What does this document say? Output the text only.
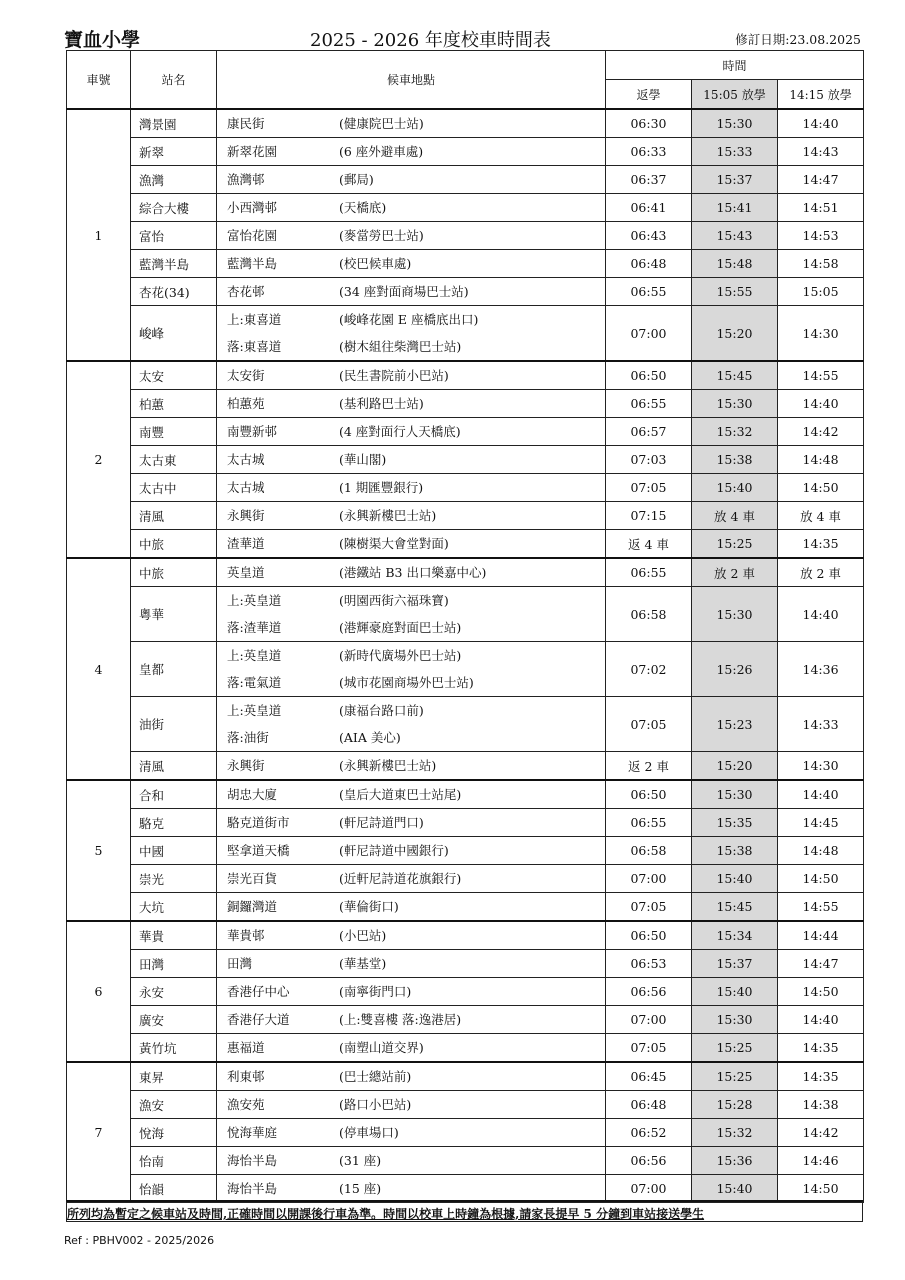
寶血小學	2025 - 2026 年度校車時間表	修訂日期:23.08.2025
車號	站名	候車地點	時間		
			返學	15:05 放學	14:15 放學
1	灣景園	康民街 (健康院巴士站)	06:30	15:30	14:40
	新翠	新翠花園 (6 座外避車處)	06:33	15:33	14:43
	漁灣	漁灣邨 (郵局)	06:37	15:37	14:47
	綜合大樓	小西灣邨 (天橋底)	06:41	15:41	14:51
	富怡	富怡花園 (麥當勞巴士站)	06:43	15:43	14:53
	藍灣半島	藍灣半島 (校巴候車處)	06:48	15:48	14:58
	杏花(34)	杏花邨 (34 座對面商場巴士站)	06:55	15:55	15:05
	峻峰	上:東喜道 (峻峰花園 E 座橋底出口)
落:東喜道 (樹木組往柴灣巴士站)	07:00	15:20	14:30
2	太安	太安街 (民生書院前小巴站)	06:50	15:45	14:55
	柏蕙	柏蕙苑 (基利路巴士站)	06:55	15:30	14:40
	南豐	南豐新邨 (4 座對面行人天橋底)	06:57	15:32	14:42
	太古東	太古城 (華山閣)	07:03	15:38	14:48
	太古中	太古城 (1 期匯豐銀行)	07:05	15:40	14:50
	清風	永興街 (永興新樓巴士站)	07:15	放 4 車	放 4 車
	中旅	渣華道 (陳樹渠大會堂對面)	返 4 車	15:25	14:35
4	中旅	英皇道 (港鐵站 B3 出口樂嘉中心)	06:55	放 2 車	放 2 車
	粵華	上:英皇道 (明園西街六福珠寶)
落:渣華道 (港輝豪庭對面巴士站)	06:58	15:30	14:40
	皇都	上:英皇道 (新時代廣場外巴士站)
落:電氣道 (城市花園商場外巴士站)	07:02	15:26	14:36
	油街	上:英皇道 (康福台路口前)
落:油街 (AIA 美心)	07:05	15:23	14:33
	清風	永興街 (永興新樓巴士站)	返 2 車	15:20	14:30
5	合和	胡忠大廈 (皇后大道東巴士站尾)	06:50	15:30	14:40
	駱克	駱克道街市 (軒尼詩道門口)	06:55	15:35	14:45
	中國	堅拿道天橋 (軒尼詩道中國銀行)	06:58	15:38	14:48
	崇光	崇光百貨 (近軒尼詩道花旗銀行)	07:00	15:40	14:50
	大坑	銅鑼灣道 (華倫街口)	07:05	15:45	14:55
6	華貴	華貴邨 (小巴站)	06:50	15:34	14:44
	田灣	田灣 (華基堂)	06:53	15:37	14:47
	永安	香港仔中心 (南寧街門口)	06:56	15:40	14:50
	廣安	香港仔大道 (上:雙喜樓 落:逸港居)	07:00	15:30	14:40
	黃竹坑	惠福道 (南塑山道交界)	07:05	15:25	14:35
7	東昇	利東邨 (巴士總站前)	06:45	15:25	14:35
	漁安	漁安苑 (路口小巴站)	06:48	15:28	14:38
	悅海	悅海華庭 (停車場口)	06:52	15:32	14:42
	怡南	海怡半島 (31 座)	06:56	15:36	14:46
	怡韻	海怡半島 (15 座)	07:00	15:40	14:50
所列均為暫定之候車站及時間,正確時間以開課後行車為準。時間以校車上時鐘為根據,請家長提早 5 分鐘到車站接送學生
Ref : PBHV002 - 2025/2026
